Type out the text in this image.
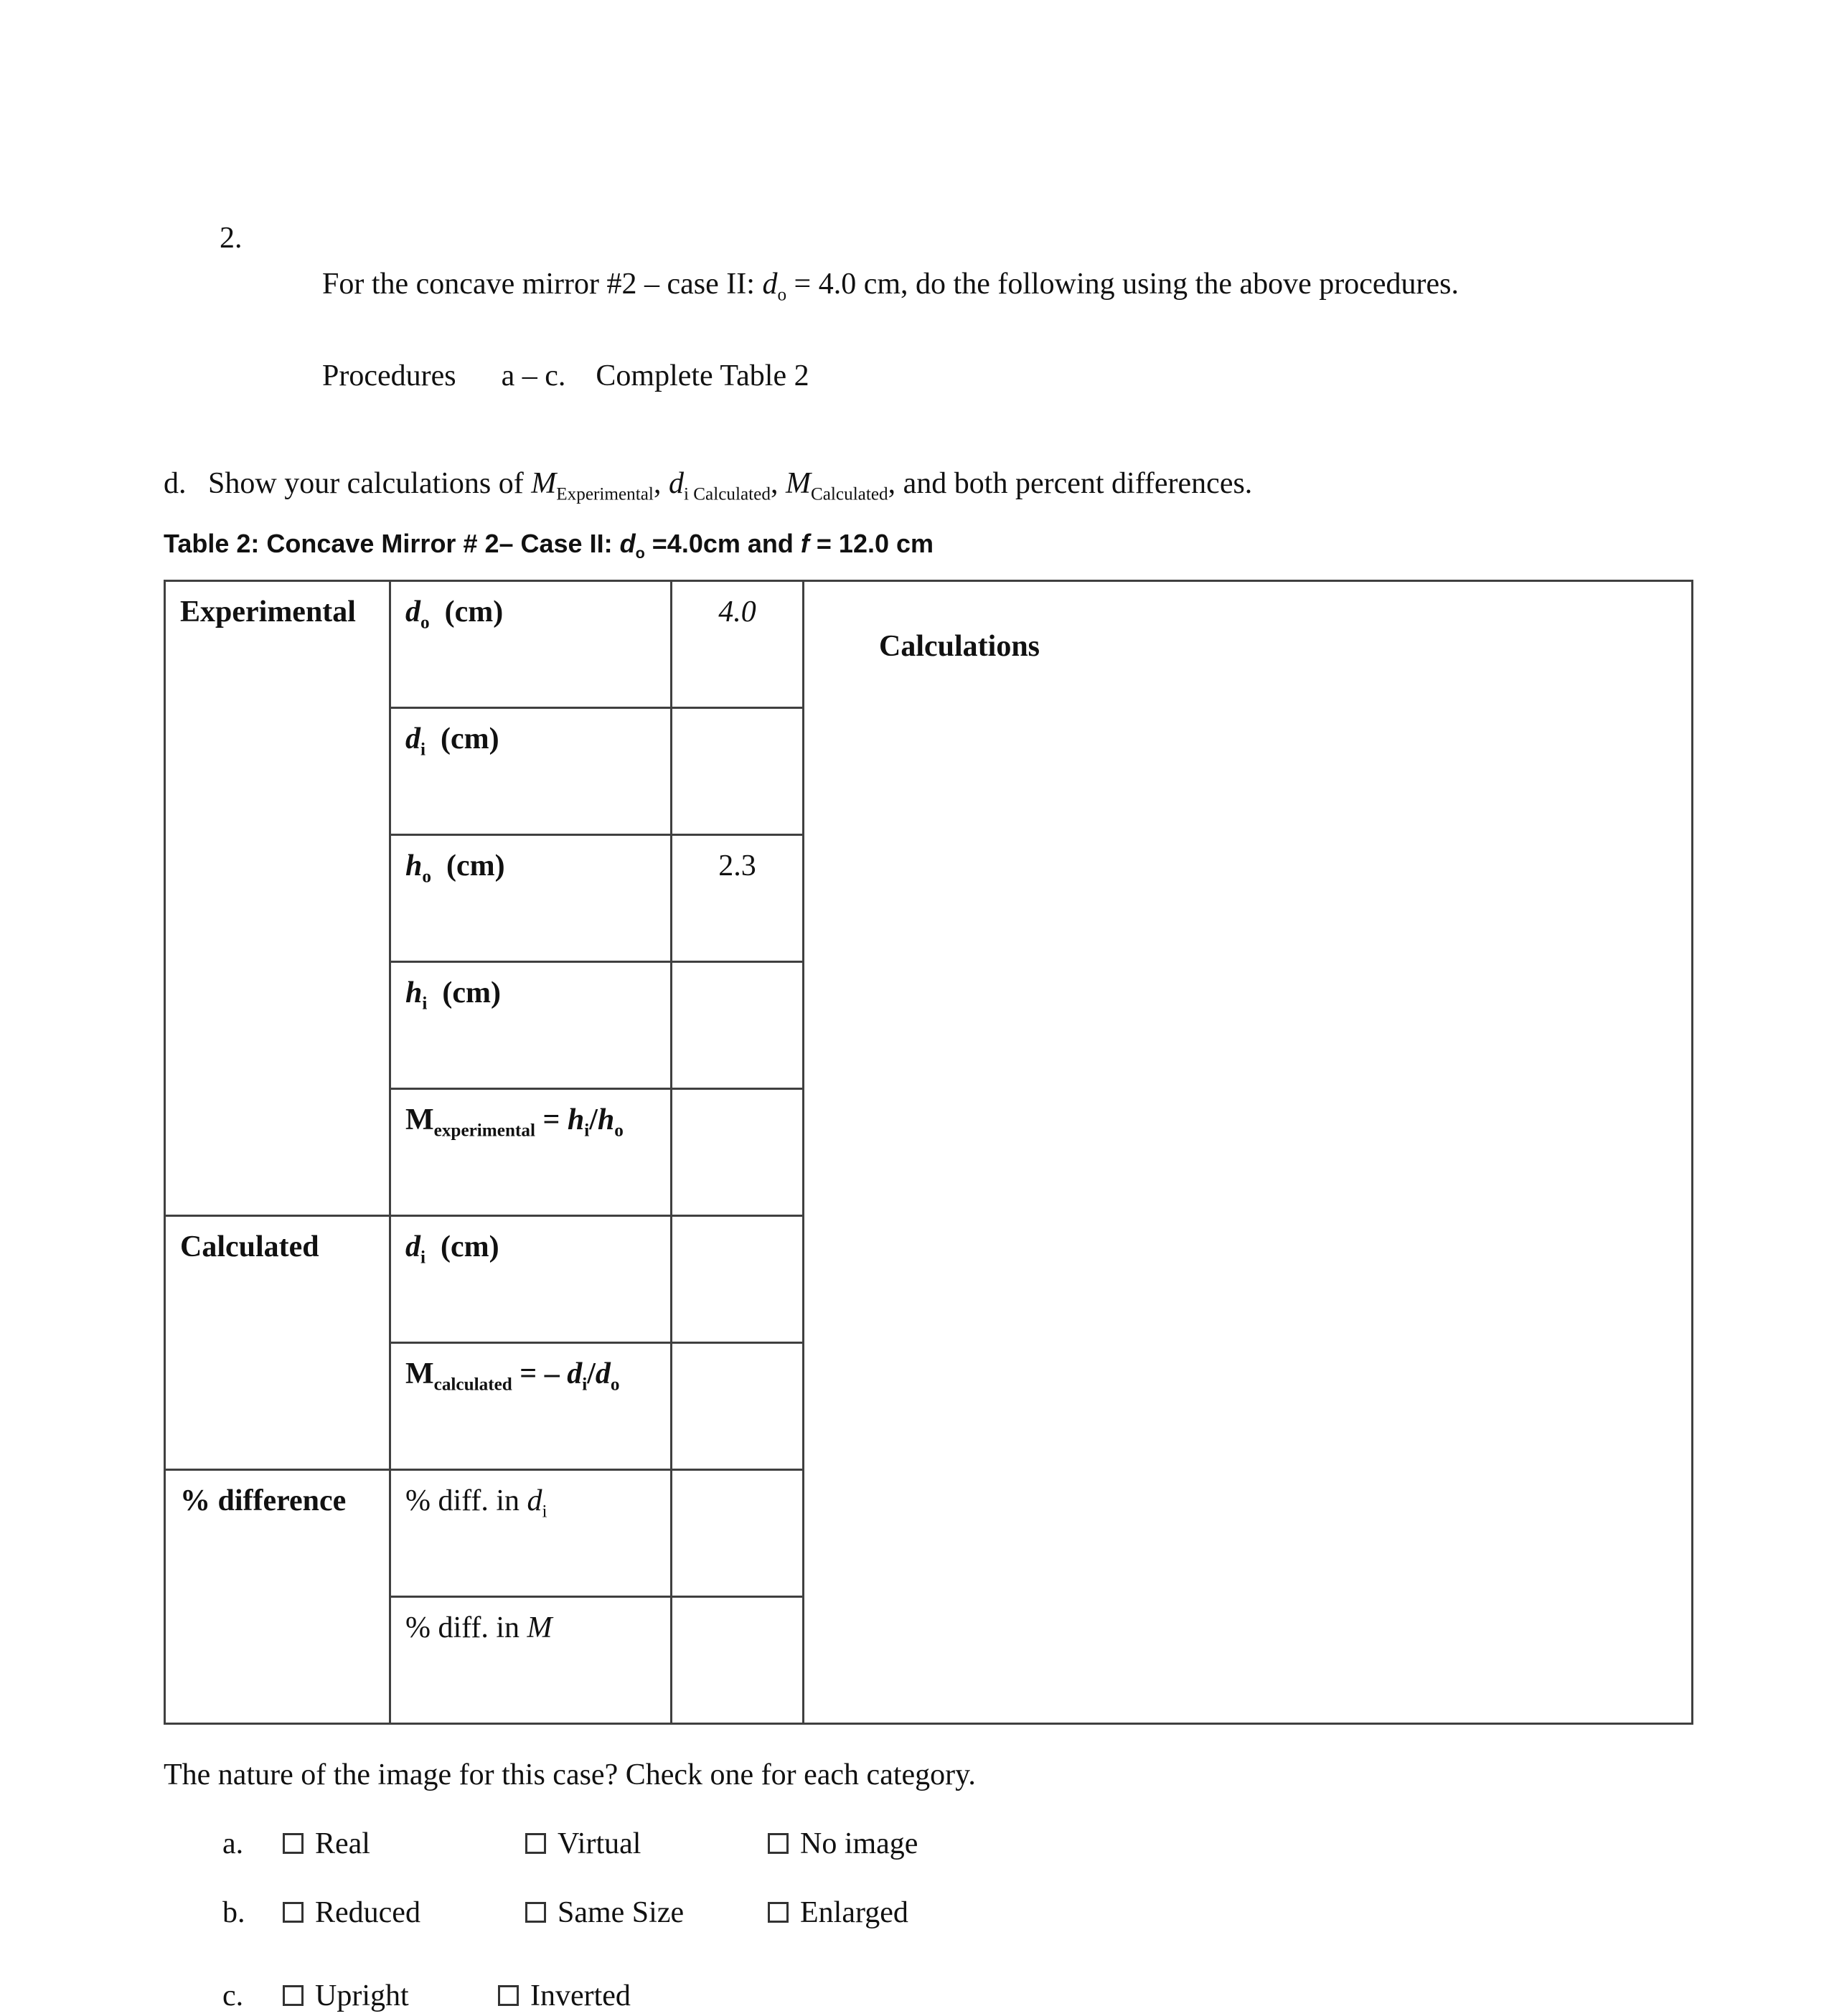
2.

For the concave mirror #2 – case II: $d_o = 4.0$ cm, do the following using the above procedures.

Procedures      a – c.    Complete Table 2

d. Show your calculations of $M_{Experimental}$, $d_{i Calculated}$, $M_{Calculated}$, and both percent differences.
Table 2: Concave Mirror # 2– Case II: $d_o =4.0cm$ and f = 12.0 cm
Experimental	$d_o$  (cm)	4.0	Calculations

	$d_i$  (cm)		
	$h_o$  (cm)	2.3	
	$h_i$  (cm)		
	$M_{experimental} = h_i/h_o$	
Calculated	$d_i$  (cm)		
	$M_{calculated}$ = – $d_i/d_o$	
% difference	% diff. in $d_i$	
	% diff. in M		
The nature of the image for this case? Check one for each category.
a.	Real	Virtual	No image
b.	Reduced	Same Size	Enlarged
c.	Upright	Inverted
